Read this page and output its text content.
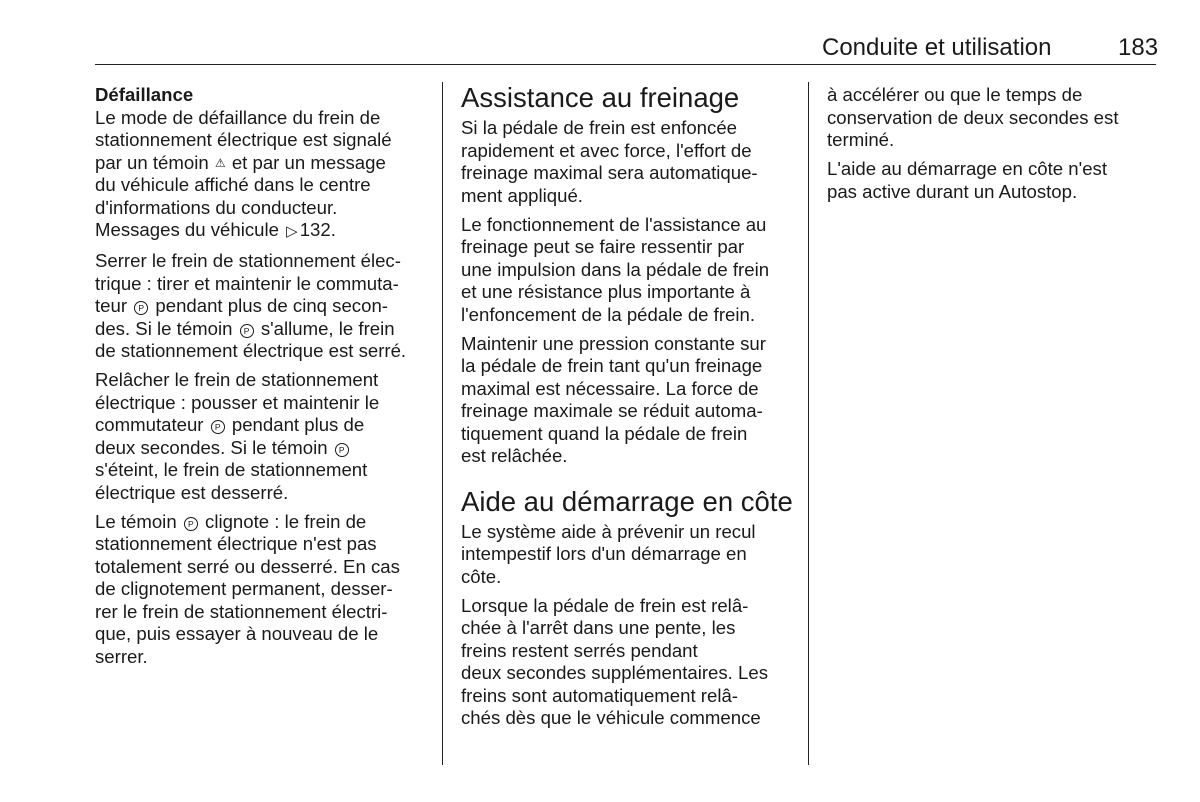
Conduite et utilisation	183
Défaillance

Le mode de défaillance du frein de
stationnement électrique est signalé
par un témoin ⚠ et par un message
du véhicule affiché dans le centre
d'informations du conducteur.
Messages du véhicule ▷ 132.

Serrer le frein de stationnement élec‐
trique : tirer et maintenir le commuta‐
teur P pendant plus de cinq secon‐
des. Si le témoin P s'allume, le frein
de stationnement électrique est serré.

Relâcher le frein de stationnement
électrique : pousser et maintenir le
commutateur P pendant plus de
deux secondes. Si le témoin P
s'éteint, le frein de stationnement
électrique est desserré.

Le témoin P clignote : le frein de
stationnement électrique n'est pas
totalement serré ou desserré. En cas
de clignotement permanent, desser‐
rer le frein de stationnement électri‐
que, puis essayer à nouveau de le
serrer.

Assistance au freinage

Si la pédale de frein est enfoncée
rapidement et avec force, l'effort de
freinage maximal sera automatique‐
ment appliqué.

Le fonctionnement de l'assistance au
freinage peut se faire ressentir par
une impulsion dans la pédale de frein
et une résistance plus importante à
l'enfoncement de la pédale de frein.

Maintenir une pression constante sur
la pédale de frein tant qu'un freinage
maximal est nécessaire. La force de
freinage maximale se réduit automa‐
tiquement quand la pédale de frein
est relâchée.

Aide au démarrage en côte

Le système aide à prévenir un recul
intempestif lors d'un démarrage en
côte.

Lorsque la pédale de frein est relâ‐
chée à l'arrêt dans une pente, les
freins restent serrés pendant
deux secondes supplémentaires. Les
freins sont automatiquement relâ‐
chés dès que le véhicule commence

à accélérer ou que le temps de
conservation de deux secondes est
terminé.

L'aide au démarrage en côte n'est
pas active durant un Autostop.
